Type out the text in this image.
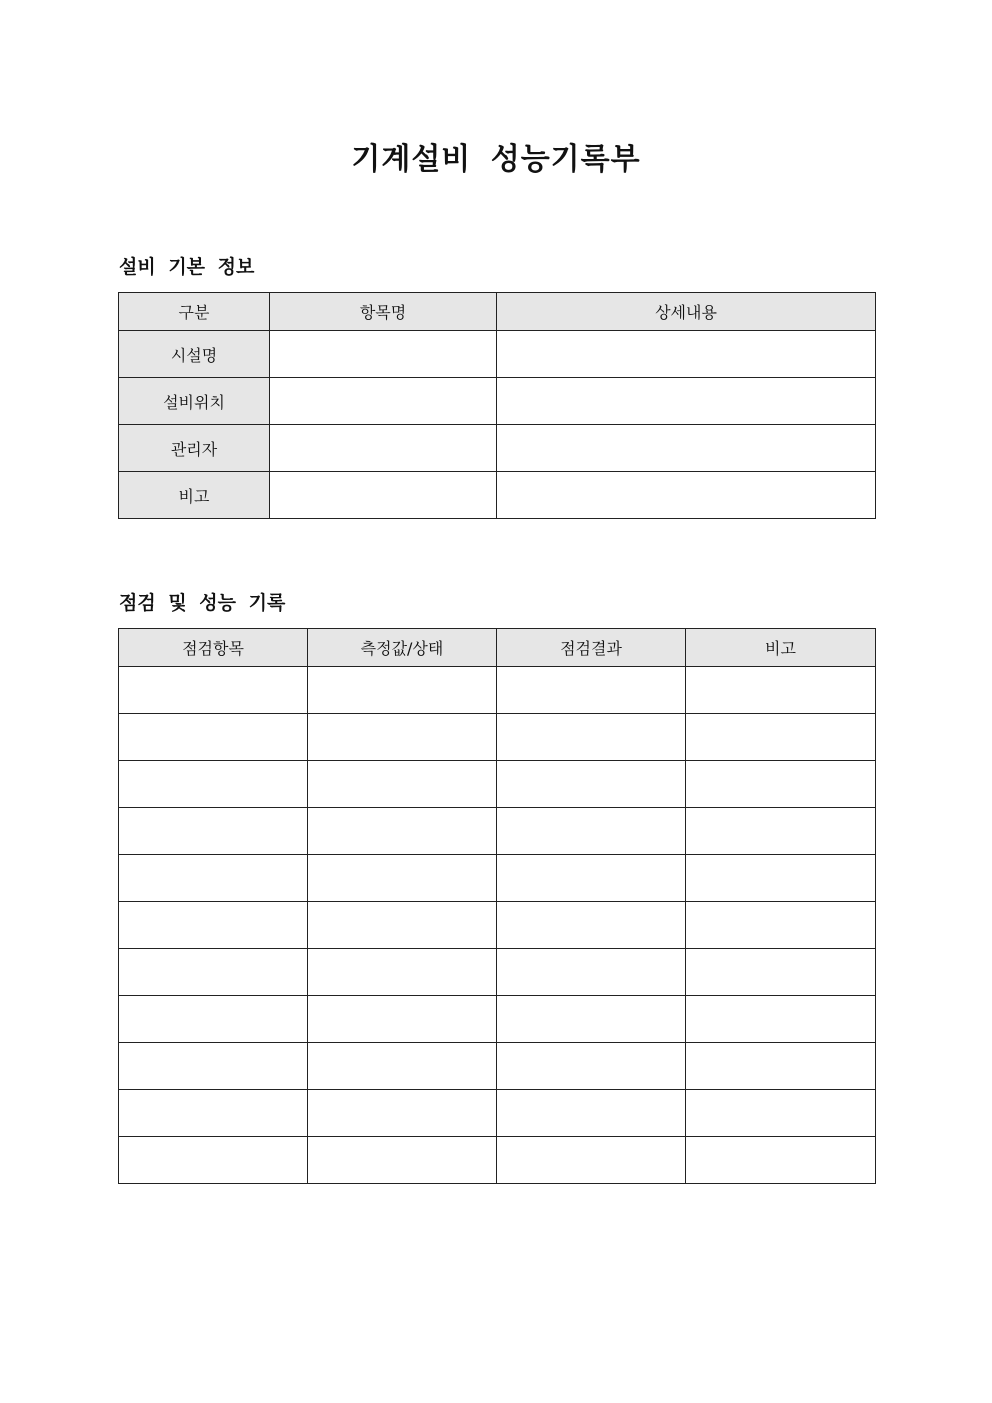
기계설비 성능기록부
설비 기본 정보
구분	항목명	상세내용
시설명		
설비위치		
관리자		
비고		
점검 및 성능 기록
점검항목	측정값/상태	점검결과	비고
